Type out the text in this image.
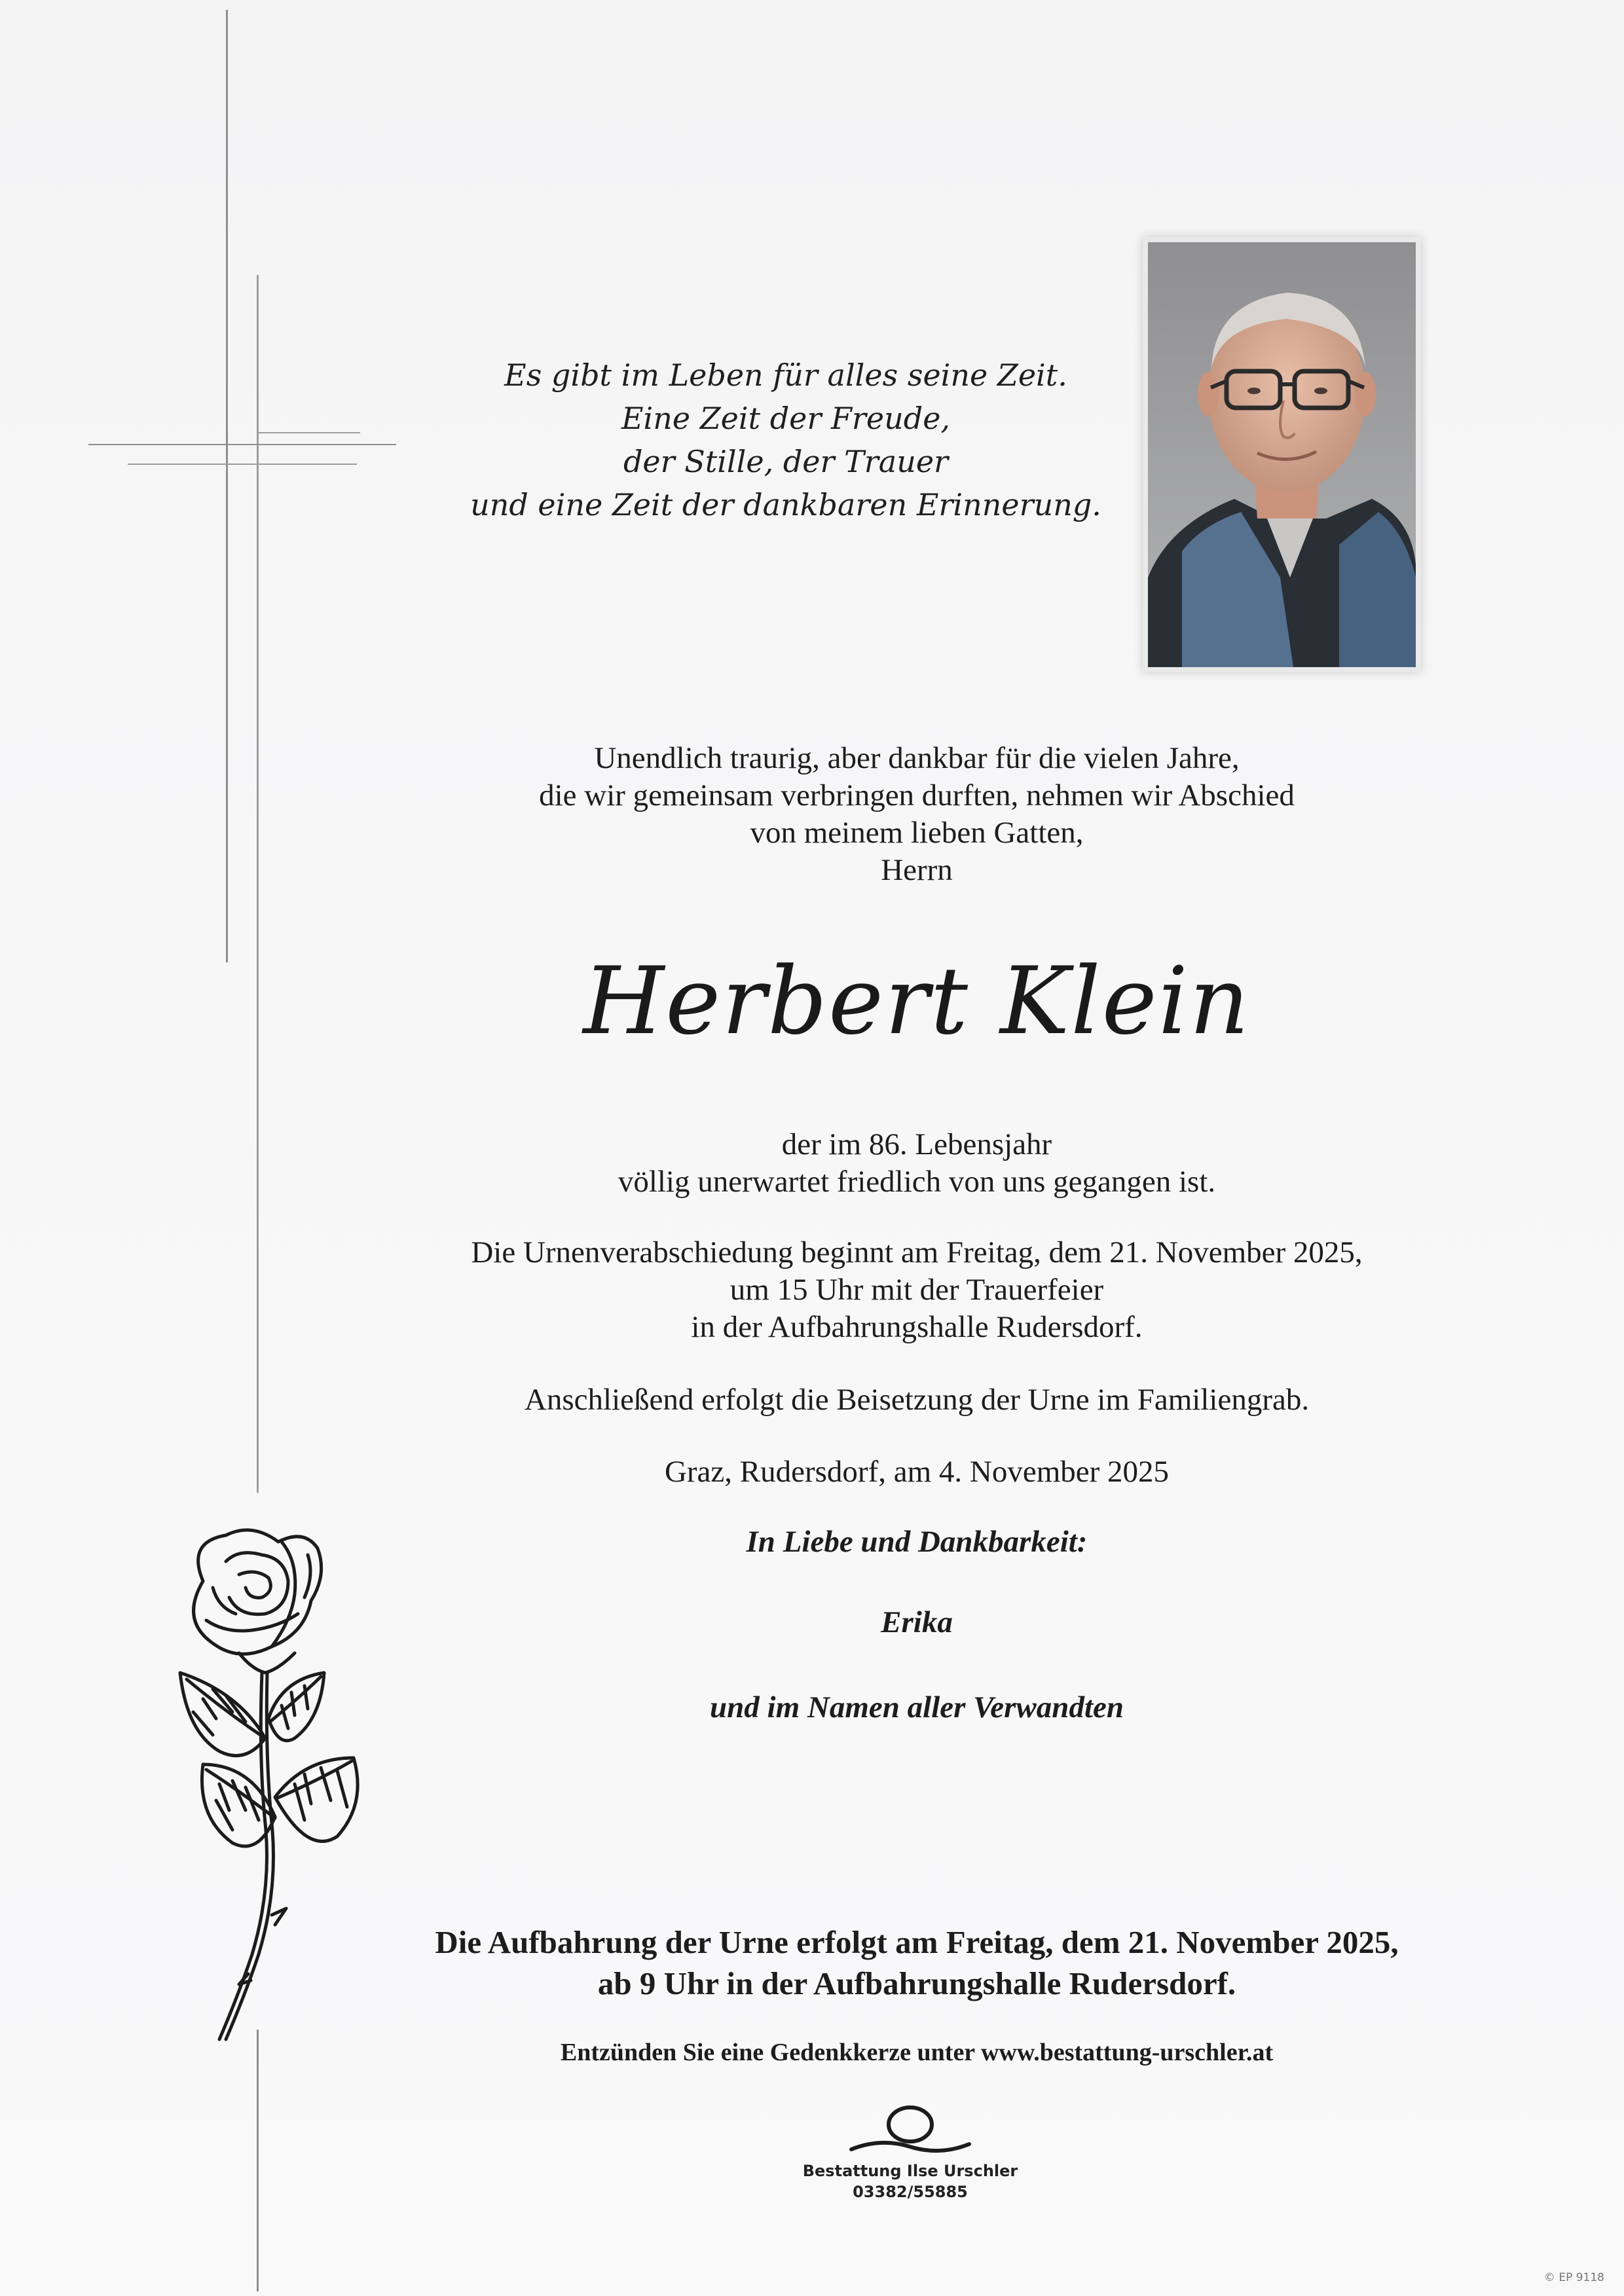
Es gibt im Leben für alles seine Zeit.
Eine Zeit der Freude,
der Stille, der Trauer
und eine Zeit der dankbaren Erinnerung.
Unendlich traurig, aber dankbar für die vielen Jahre,
die wir gemeinsam verbringen durften, nehmen wir Abschied
von meinem lieben Gatten,
Herrn
Herbert Klein
der im 86. Lebensjahr
völlig unerwartet friedlich von uns gegangen ist.
Die Urnenverabschiedung beginnt am Freitag, dem 21. November 2025,
um 15 Uhr mit der Trauerfeier
in der Aufbahrungshalle Rudersdorf.
Anschließend erfolgt die Beisetzung der Urne im Familiengrab.
Graz, Rudersdorf, am 4. November 2025
In Liebe und Dankbarkeit:
Erika
und im Namen aller Verwandten
Die Aufbahrung der Urne erfolgt am Freitag, dem 21. November 2025,
ab 9 Uhr in der Aufbahrungshalle Rudersdorf.
Entzünden Sie eine Gedenkkerze unter www.bestattung-urschler.at
Bestattung Ilse Urschler
03382/55885
© EP 9118
